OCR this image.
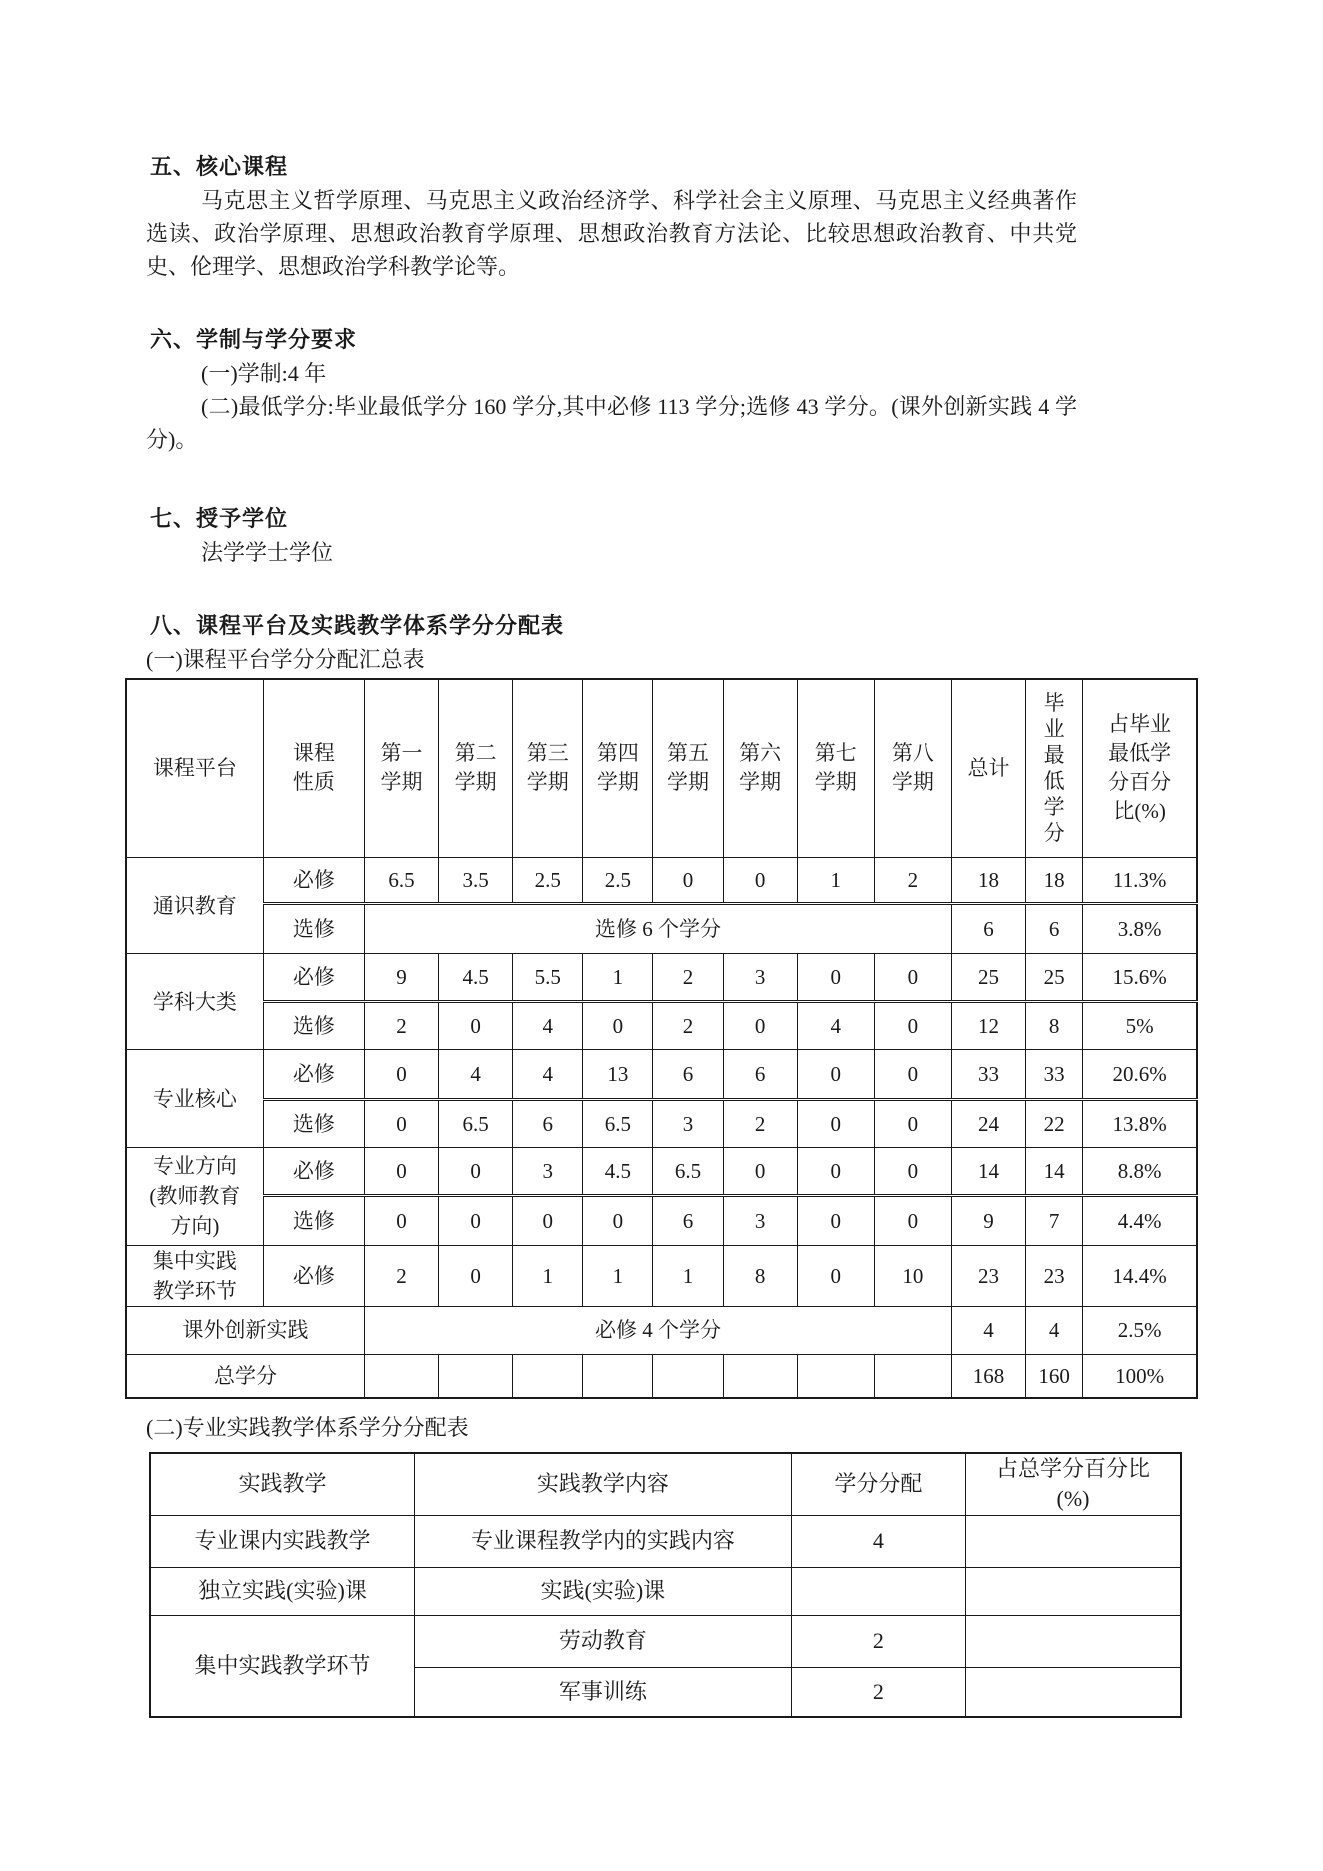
五、核心课程

马克思主义哲学原理、马克思主义政治经济学、科学社会主义原理、马克思主义经典著作选读、政治学原理、思想政治教育学原理、思想政治教育方法论、比较思想政治教育、中共党史、伦理学、思想政治学科教学论等。

六、学制与学分要求

(一)学制:4 年

(二)最低学分:毕业最低学分 160 学分,其中必修 113 学分;选修 43 学分。(课外创新实践 4 学分)。

七、授予学位

法学学士学位

八、课程平台及实践教学体系学分分配表

(一)课程平台学分分配汇总表

课程平台	课程性质	第一学期	第二学期	第三学期	第四学期	第五学期	第六学期	第七学期	第八学期	总计	毕业最低学分	占毕业最低学分百分比(%)
通识教育	必修	6.5	3.5	2.5	2.5	0	0	1	2	18	18	11.3%
	选修	选修 6 个学分								6	6	3.8%
学科大类	必修	9	4.5	5.5	1	2	3	0	0	25	25	15.6%
	选修	2	0	4	0	2	0	4	0	12	8	5%
专业核心	必修	0	4	4	13	6	6	0	0	33	33	20.6%
	选修	0	6.5	6	6.5	3	2	0	0	24	22	13.8%
专业方向(教师教育方向)	必修	0	0	3	4.5	6.5	0	0	0	14	14	8.8%
	选修	0	0	0	0	6	3	0	0	9	7	4.4%
集中实践教学环节	必修	2	0	1	1	1	8	0	10	23	23	14.4%
课外创新实践		必修 4 个学分								4	4	2.5%
总学分										168	160	100%

(二)专业实践教学体系学分分配表

实践教学	实践教学内容	学分分配	占总学分百分比(%)
专业课内实践教学	专业课程教学内的实践内容	4	
独立实践(实验)课	实践(实验)课		
集中实践教学环节	劳动教育	2	
	军事训练	2	
